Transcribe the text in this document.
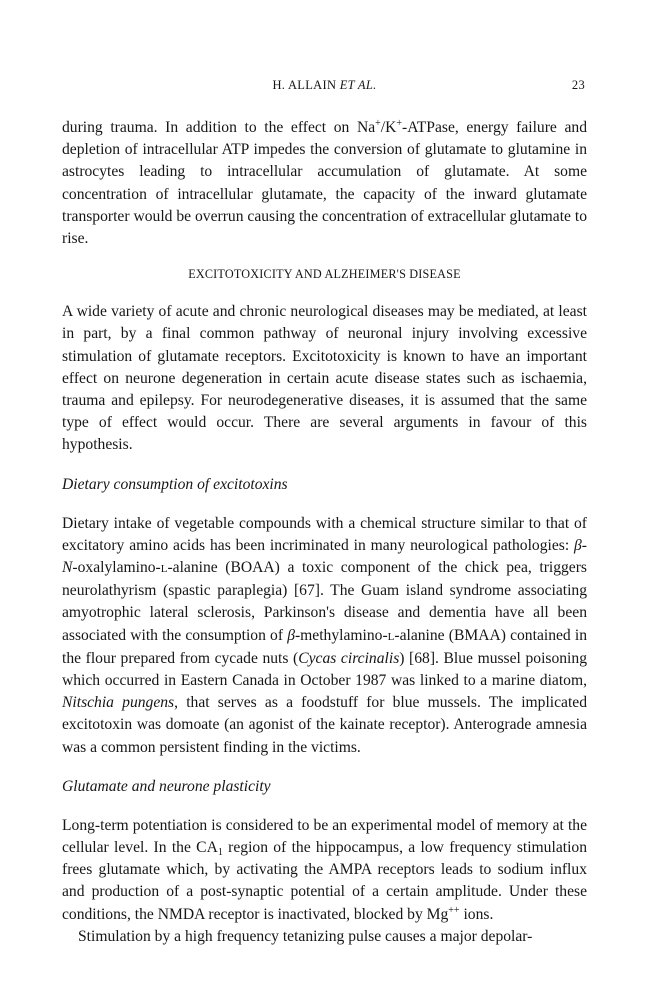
H. ALLAIN ET AL.	23

during trauma. In addition to the effect on Na+/K+-ATPase, energy failure and depletion of intracellular ATP impedes the conversion of glutamate to glutamine in astrocytes leading to intracellular accumulation of glutamate. At some concentration of intracellular glutamate, the capacity of the inward glutamate transporter would be overrun causing the concentration of extracellular glutamate to rise.

EXCITOTOXICITY AND ALZHEIMER'S DISEASE

A wide variety of acute and chronic neurological diseases may be mediated, at least in part, by a final common pathway of neuronal injury involving excessive stimulation of glutamate receptors. Excitotoxicity is known to have an important effect on neurone degeneration in certain acute disease states such as ischaemia, trauma and epilepsy. For neurodegenerative diseases, it is assumed that the same type of effect would occur. There are several arguments in favour of this hypothesis.

Dietary consumption of excitotoxins

Dietary intake of vegetable compounds with a chemical structure similar to that of excitatory amino acids has been incriminated in many neurological pathologies: β-N-oxalylamino-L-alanine (BOAA) a toxic component of the chick pea, triggers neurolathyrism (spastic paraplegia) [67]. The Guam island syndrome associating amyotrophic lateral sclerosis, Parkinson's disease and dementia have all been associated with the consumption of β-methylamino-L-alanine (BMAA) contained in the flour prepared from cycade nuts (Cycas circinalis) [68]. Blue mussel poisoning which occurred in Eastern Canada in October 1987 was linked to a marine diatom, Nitschia pungens, that serves as a foodstuff for blue mussels. The implicated excitotoxin was domoate (an agonist of the kainate receptor). Anterograde amnesia was a common persistent finding in the victims.

Glutamate and neurone plasticity

Long-term potentiation is considered to be an experimental model of memory at the cellular level. In the $CA_1$ region of the hippocampus, a low frequency stimulation frees glutamate which, by activating the AMPA receptors leads to sodium influx and production of a post-synaptic potential of a certain amplitude. Under these conditions, the NMDA receptor is inactivated, blocked by Mg++ ions.

Stimulation by a high frequency tetanizing pulse causes a major depolar-
